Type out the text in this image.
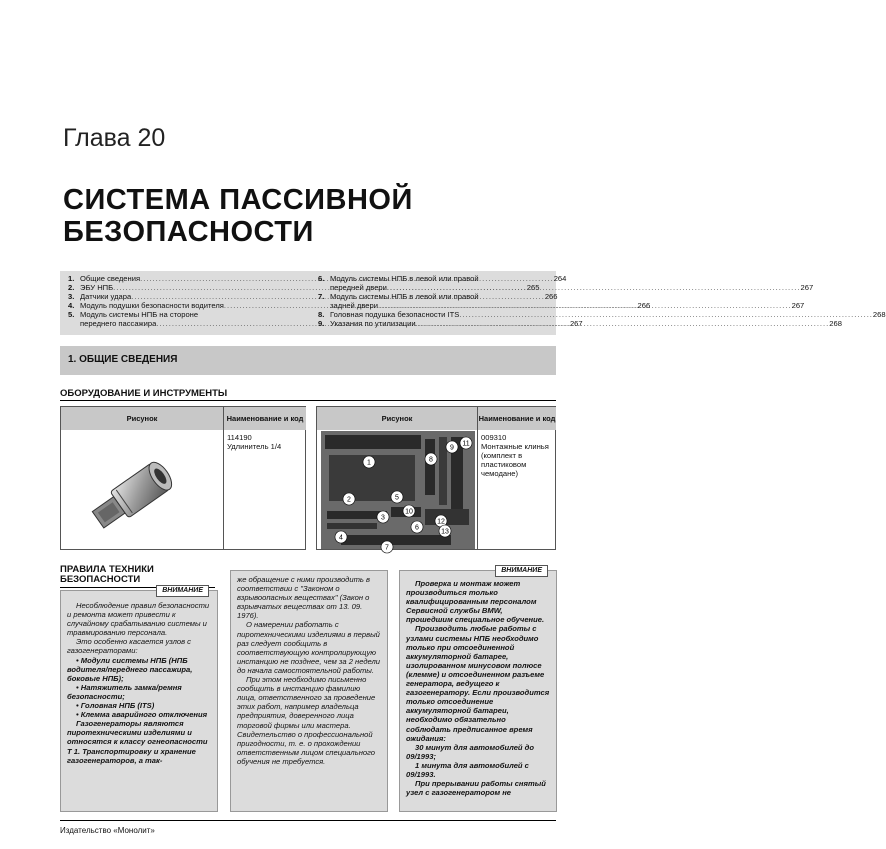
Глава 20
СИСТЕМА ПАССИВНОЙ
БЕЗОПАСНОСТИ
1. Общие сведения .....	264
2. ЭБУ НПБ .....	265
3. Датчики удара .....	266
4. Модуль подушки безопасности водителя .....	266
5. Модуль системы НПБ на стороне
переднего пассажира .....	267
6. Модуль системы НПБ в левой или правой
передней двери .....	267
7. Модуль системы НПБ в левой или правой
задней двери .....	267
8. Головная подушка безопасности ITS .....	268
9. Указания по утилизации .....	268
1. ОБЩИЕ СВЕДЕНИЯ
ОБОРУДОВАНИЕ И ИНСТРУМЕНТЫ
Рисунок	Наименование и код
114190
Удлинитель 1/4
Рисунок	Наименование и код
009310
Монтажные клинья (комплект в пластиковом чемодане)
1
2
3
4
5
6
7
8
9
10
11
12
13
ПРАВИЛА ТЕХНИКИ БЕЗОПАСНОСТИ
ВНИМАНИЕ

Несоблюдение правил безопасности и ремонта может привести к случайному срабатыванию системы и травмированию персонала.

Это особенно касается узлов с газогенераторами:

• Модули системы НПБ (НПБ водителя/переднего пассажира, боковые НПБ);

• Натяжитель замка/ремня безопасности;

• Головная НПБ (ITS)

• Клемма аварийного отключения

Газогенераторы являются пиротехническими изделиями и относятся к классу огнеопасности Т 1. Транспортировку и хранение газогенераторов, а так-

же обращение с ними производить в соответствии с "Законом о взрывоопасных веществах" (Закон о взрывчатых веществах от 13. 09. 1976).

О намерении работать с пиротехническими изделиями в первый раз следует сообщить в соответствующую контролирующую инстанцию не позднее, чем за 2 недели до начала самостоятельной работы.

При этом необходимо письменно сообщить в инстанцию фамилию лица, ответственного за проведение этих работ, например владельца предприятия, доверенного лица торговой фирмы или мастера. Свидетельство о профессиональной пригодности, т. е. о прохождении ответственным лицом специального обучения не требуется.

ВНИМАНИЕ

Проверка и монтаж может производиться только квалифицированным персоналом Сервисной службы BMW, прошедшим специальное обучение.

Производить любые работы с узлами системы НПБ необходимо только при отсоединенной аккумуляторной батарее, изолированном минусовом полюсе (клемме) и отсоединенном разъеме генератора, ведущего к газогенератору. Если производится только отсоединение аккумуляторной батареи, необходимо обязательно соблюдать предписанное время ожидания:

30 минут для автомобилей до 09/1993;

1 минута для автомобилей с 09/1993.

При прерывании работы снятый узел с газогенератором не

Издательство «Монолит»
